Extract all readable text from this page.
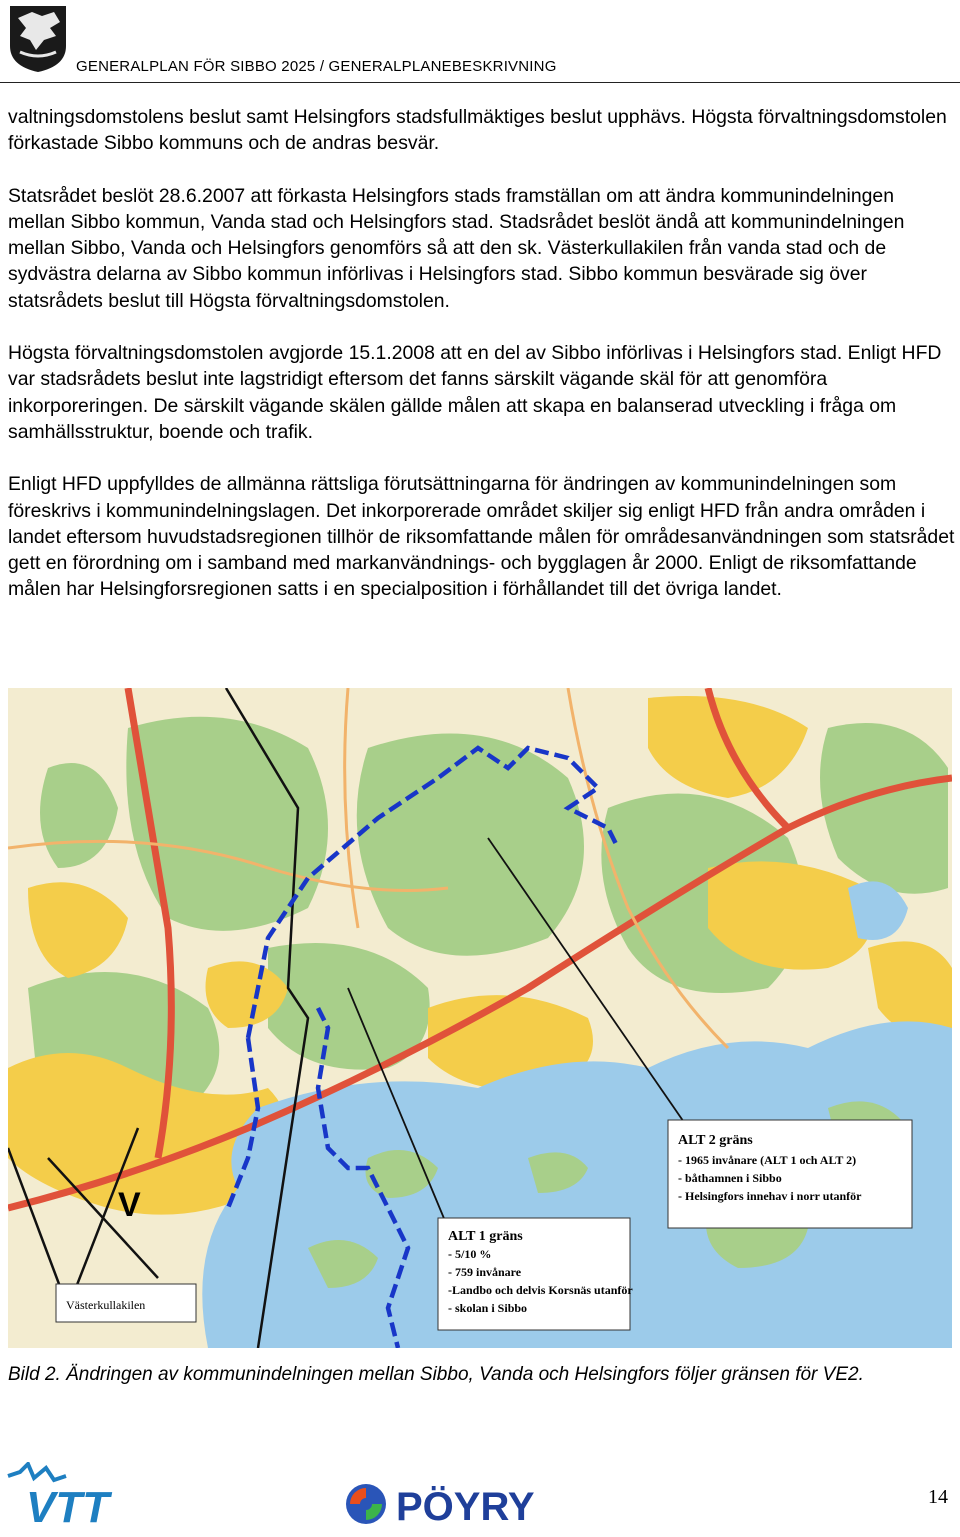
GENERALPLAN FÖR SIBBO 2025 / GENERALPLANEBESKRIVNING

valtningsdomstolens beslut samt Helsingfors stadsfullmäktiges beslut upphävs. Högsta förvaltningsdomstolen förkastade Sibbo kommuns och de andras besvär.

Statsrådet beslöt 28.6.2007 att förkasta Helsingfors stads framställan om att ändra kommunindelningen mellan Sibbo kommun, Vanda stad och Helsingfors stad. Stadsrådet beslöt ändå att kommunindelningen mellan Sibbo, Vanda och Helsingfors genomförs så att den sk. Västerkullakilen från vanda stad och de sydvästra delarna av Sibbo kommun införlivas i Helsingfors stad. Sibbo kommun besvärade sig över statsrådets beslut till Högsta förvaltningsdomstolen.

Högsta förvaltningsdomstolen avgjorde 15.1.2008 att en del av Sibbo införlivas i Helsingfors stad. Enligt HFD var stadsrådets beslut inte lagstridigt eftersom det fanns särskilt vägande skäl för att genomföra inkorporeringen. De särskilt vägande skälen gällde målen att skapa en balanserad utveckling i fråga om samhällsstruktur, boende och trafik.

Enligt HFD uppfylldes de allmänna rättsliga förutsättningarna för ändringen av kommunindelningen som föreskrivs i kommunindelningslagen. Det inkorporerade området skiljer sig enligt HFD från andra områden i landet eftersom huvudstadsregionen tillhör de riksomfattande målen för områdesanvändningen som statsrådet gett en förordning om i samband med markanvändnings- och bygglagen år 2000. Enligt de riksomfattande målen har Helsingforsregionen satts i en specialposition i förhållandet till det övriga landet.

ALT 2 gräns
- 1965 invånare (ALT 1 och ALT 2)
- båthamnen i Sibbo
- Helsingfors innehav i norr utanför
ALT 1 gräns
- 5/10 %
- 759 invånare
-Landbo och delvis Korsnäs utanför
- skolan i Sibbo
V
Västerkullakilen
Bild 2. Ändringen av kommunindelningen mellan Sibbo, Vanda och Helsingfors följer gränsen för VE2.
VTT	PÖYRY	14
